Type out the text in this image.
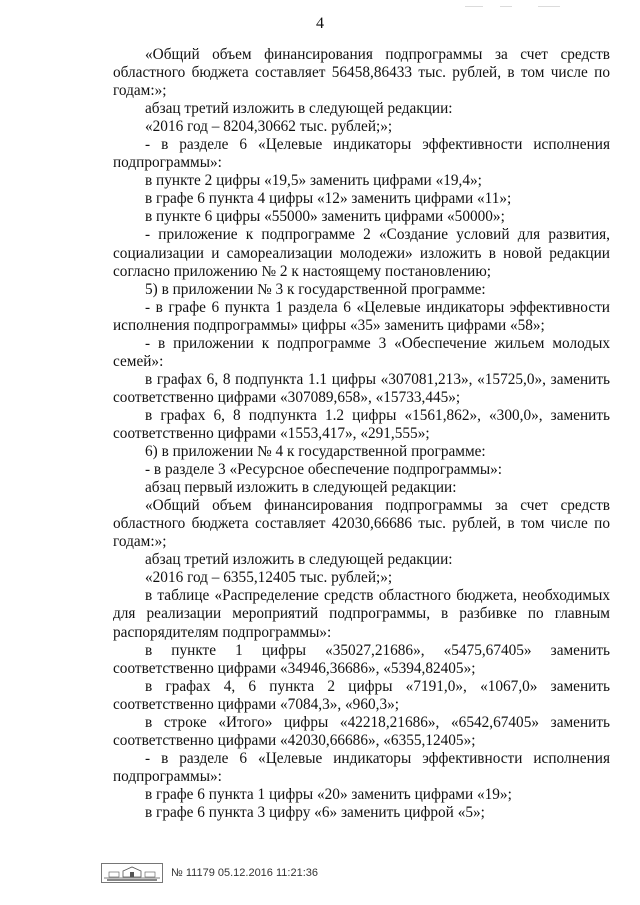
4

«Общий объем финансирования подпрограммы за счет средств областного бюджета составляет 56458,86433 тыс. рублей, в том числе по годам:»;

абзац третий изложить в следующей редакции:

«2016 год – 8204,30662 тыс. рублей;»;

- в разделе 6 «Целевые индикаторы эффективности исполнения подпрограммы»:

в пункте 2 цифры «19,5» заменить цифрами «19,4»;

в графе 6 пункта 4 цифры «12» заменить цифрами «11»;

в пункте 6 цифры «55000» заменить цифрами «50000»;

- приложение к подпрограмме 2 «Создание условий для развития, социализации и самореализации молодежи» изложить в новой редакции согласно приложению № 2 к настоящему постановлению;

5) в приложении № 3 к государственной программе:

- в графе 6 пункта 1 раздела 6 «Целевые индикаторы эффективности исполнения подпрограммы» цифры «35» заменить цифрами «58»;

- в приложении к подпрограмме 3 «Обеспечение жильем молодых семей»:

в графах 6, 8 подпункта 1.1 цифры «307081,213», «15725,0», заменить соответственно цифрами «307089,658», «15733,445»;

в графах 6, 8 подпункта 1.2 цифры «1561,862», «300,0», заменить соответственно цифрами «1553,417», «291,555»;

6) в приложении № 4 к государственной программе:

- в разделе 3 «Ресурсное обеспечение подпрограммы»:

абзац первый изложить в следующей редакции:

«Общий объем финансирования подпрограммы за счет средств областного бюджета составляет 42030,66686 тыс. рублей, в том числе по годам:»;

абзац третий изложить в следующей редакции:

«2016 год – 6355,12405 тыс. рублей;»;

в таблице «Распределение средств областного бюджета, необходимых для реализации мероприятий подпрограммы, в разбивке по главным распорядителям подпрограммы»:

в пункте 1 цифры «35027,21686», «5475,67405» заменить соответственно цифрами «34946,36686», «5394,82405»;

в графах 4, 6 пункта 2 цифры «7191,0», «1067,0» заменить соответственно цифрами «7084,3», «960,3»;

в строке «Итого» цифры «42218,21686», «6542,67405» заменить соответственно цифрами «42030,66686», «6355,12405»;

- в разделе 6 «Целевые индикаторы эффективности исполнения подпрограммы»:

в графе 6 пункта 1 цифры «20» заменить цифрами «19»;

в графе 6 пункта 3 цифру «6» заменить цифрой «5»;

№ 11179 05.12.2016 11:21:36
